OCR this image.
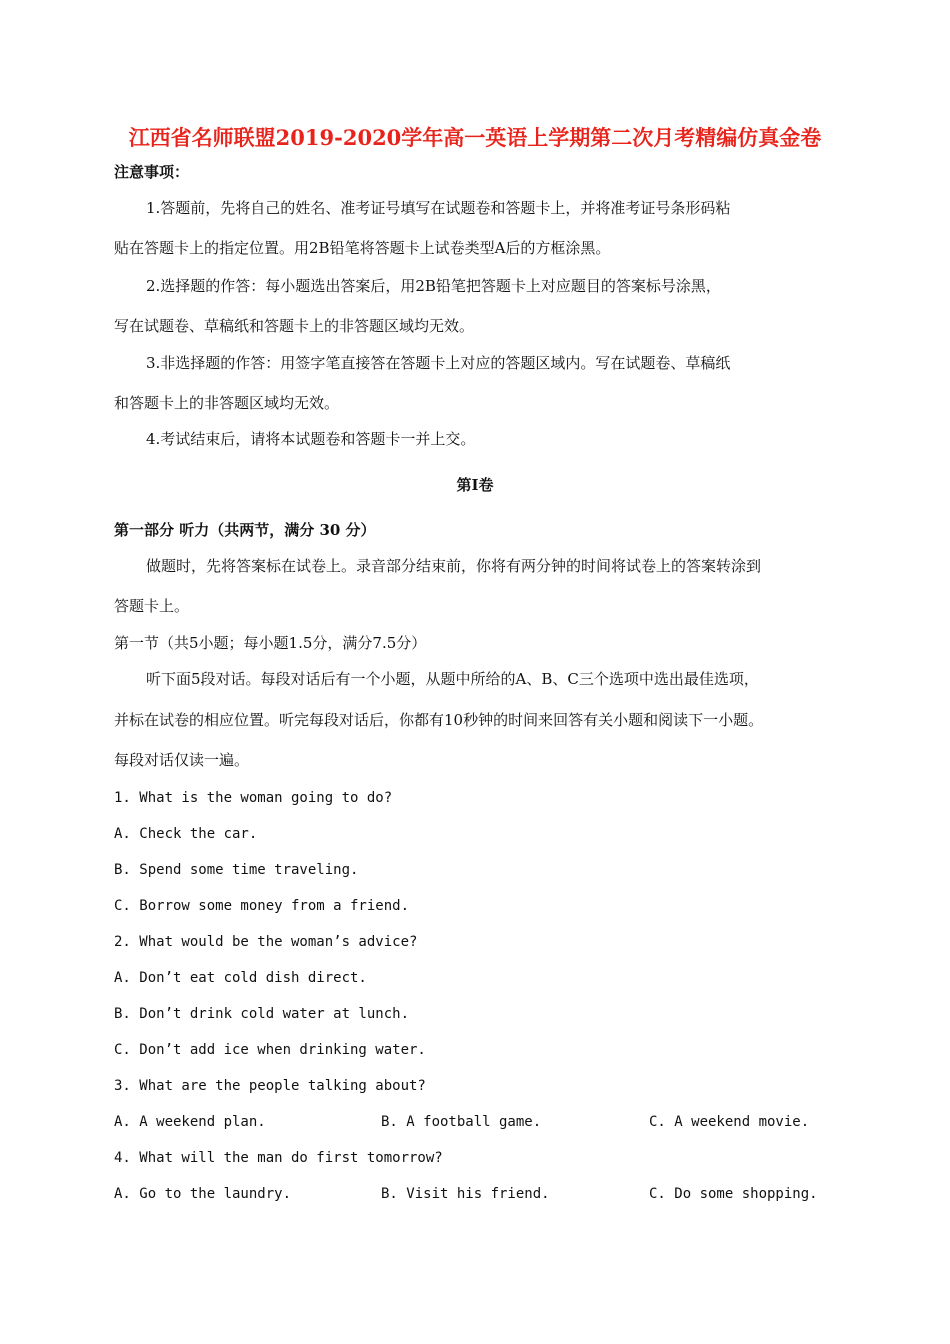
江西省名师联盟2019-2020学年高一英语上学期第二次月考精编仿真金卷
注意事项：
1.答题前，先将自己的姓名、准考证号填写在试题卷和答题卡上，并将准考证号条形码粘
贴在答题卡上的指定位置。用2B铅笔将答题卡上试卷类型A后的方框涂黑。
2.选择题的作答：每小题选出答案后，用2B铅笔把答题卡上对应题目的答案标号涂黑，
写在试题卷、草稿纸和答题卡上的非答题区域均无效。
3.非选择题的作答：用签字笔直接答在答题卡上对应的答题区域内。写在试题卷、草稿纸
和答题卡上的非答题区域均无效。
4.考试结束后，请将本试题卷和答题卡一并上交。
第I卷
第一部分 听力（共两节，满分 30 分）
做题时，先将答案标在试卷上。录音部分结束前，你将有两分钟的时间将试卷上的答案转涂到
答题卡上。
第一节（共5小题；每小题1.5分，满分7.5分）
听下面5段对话。每段对话后有一个小题，从题中所给的A、B、C三个选项中选出最佳选项，
并标在试卷的相应位置。听完每段对话后，你都有10秒钟的时间来回答有关小题和阅读下一小题。
每段对话仅读一遍。
1. What is the woman going to do?
A. Check the car.
B. Spend some time traveling.
C. Borrow some money from a friend.
2. What would be the woman’s advice?
A. Don’t eat cold dish direct.
B. Don’t drink cold water at lunch.
C. Don’t add ice when drinking water.
3. What are the people talking about?
A. A weekend plan.	B. A football game.	C. A weekend movie.
4. What will the man do first tomorrow?
A. Go to the laundry.	B. Visit his friend.	C. Do some shopping.
